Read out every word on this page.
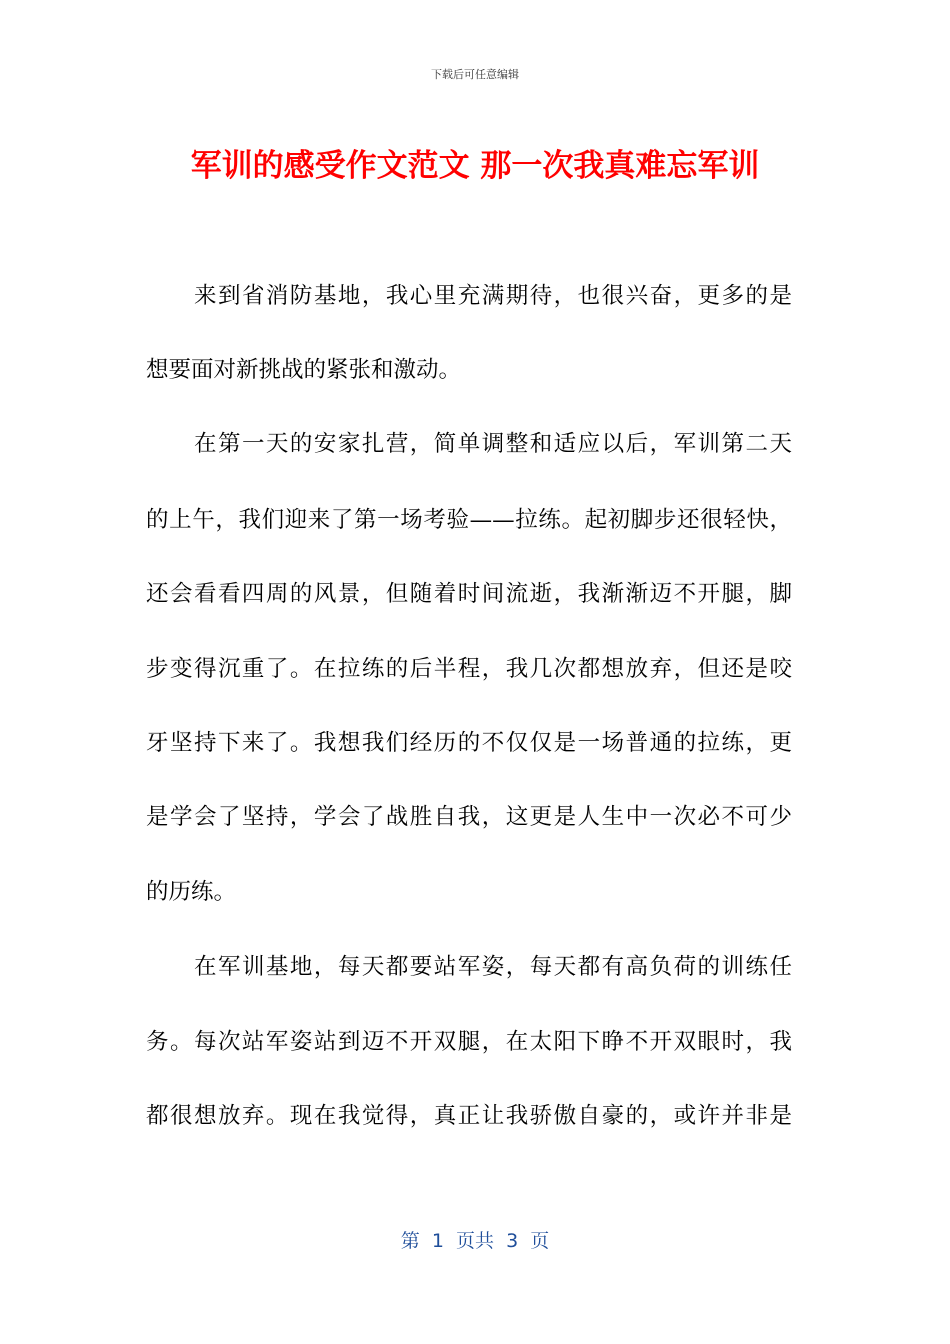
下载后可任意编辑
军训的感受作文范文 那一次我真难忘军训
来到省消防基地，我心里充满期待，也很兴奋，更多的是
想要面对新挑战的紧张和激动。
在第一天的安家扎营，简单调整和适应以后，军训第二天
的上午，我们迎来了第一场考验——拉练。起初脚步还很轻快，
还会看看四周的风景，但随着时间流逝，我渐渐迈不开腿，脚
步变得沉重了。在拉练的后半程，我几次都想放弃，但还是咬
牙坚持下来了。我想我们经历的不仅仅是一场普通的拉练，更
是学会了坚持，学会了战胜自我，这更是人生中一次必不可少
的历练。
在军训基地，每天都要站军姿，每天都有高负荷的训练任
务。每次站军姿站到迈不开双腿，在太阳下睁不开双眼时，我
都很想放弃。现在我觉得，真正让我骄傲自豪的，或许并非是
第  1  页共  3  页
